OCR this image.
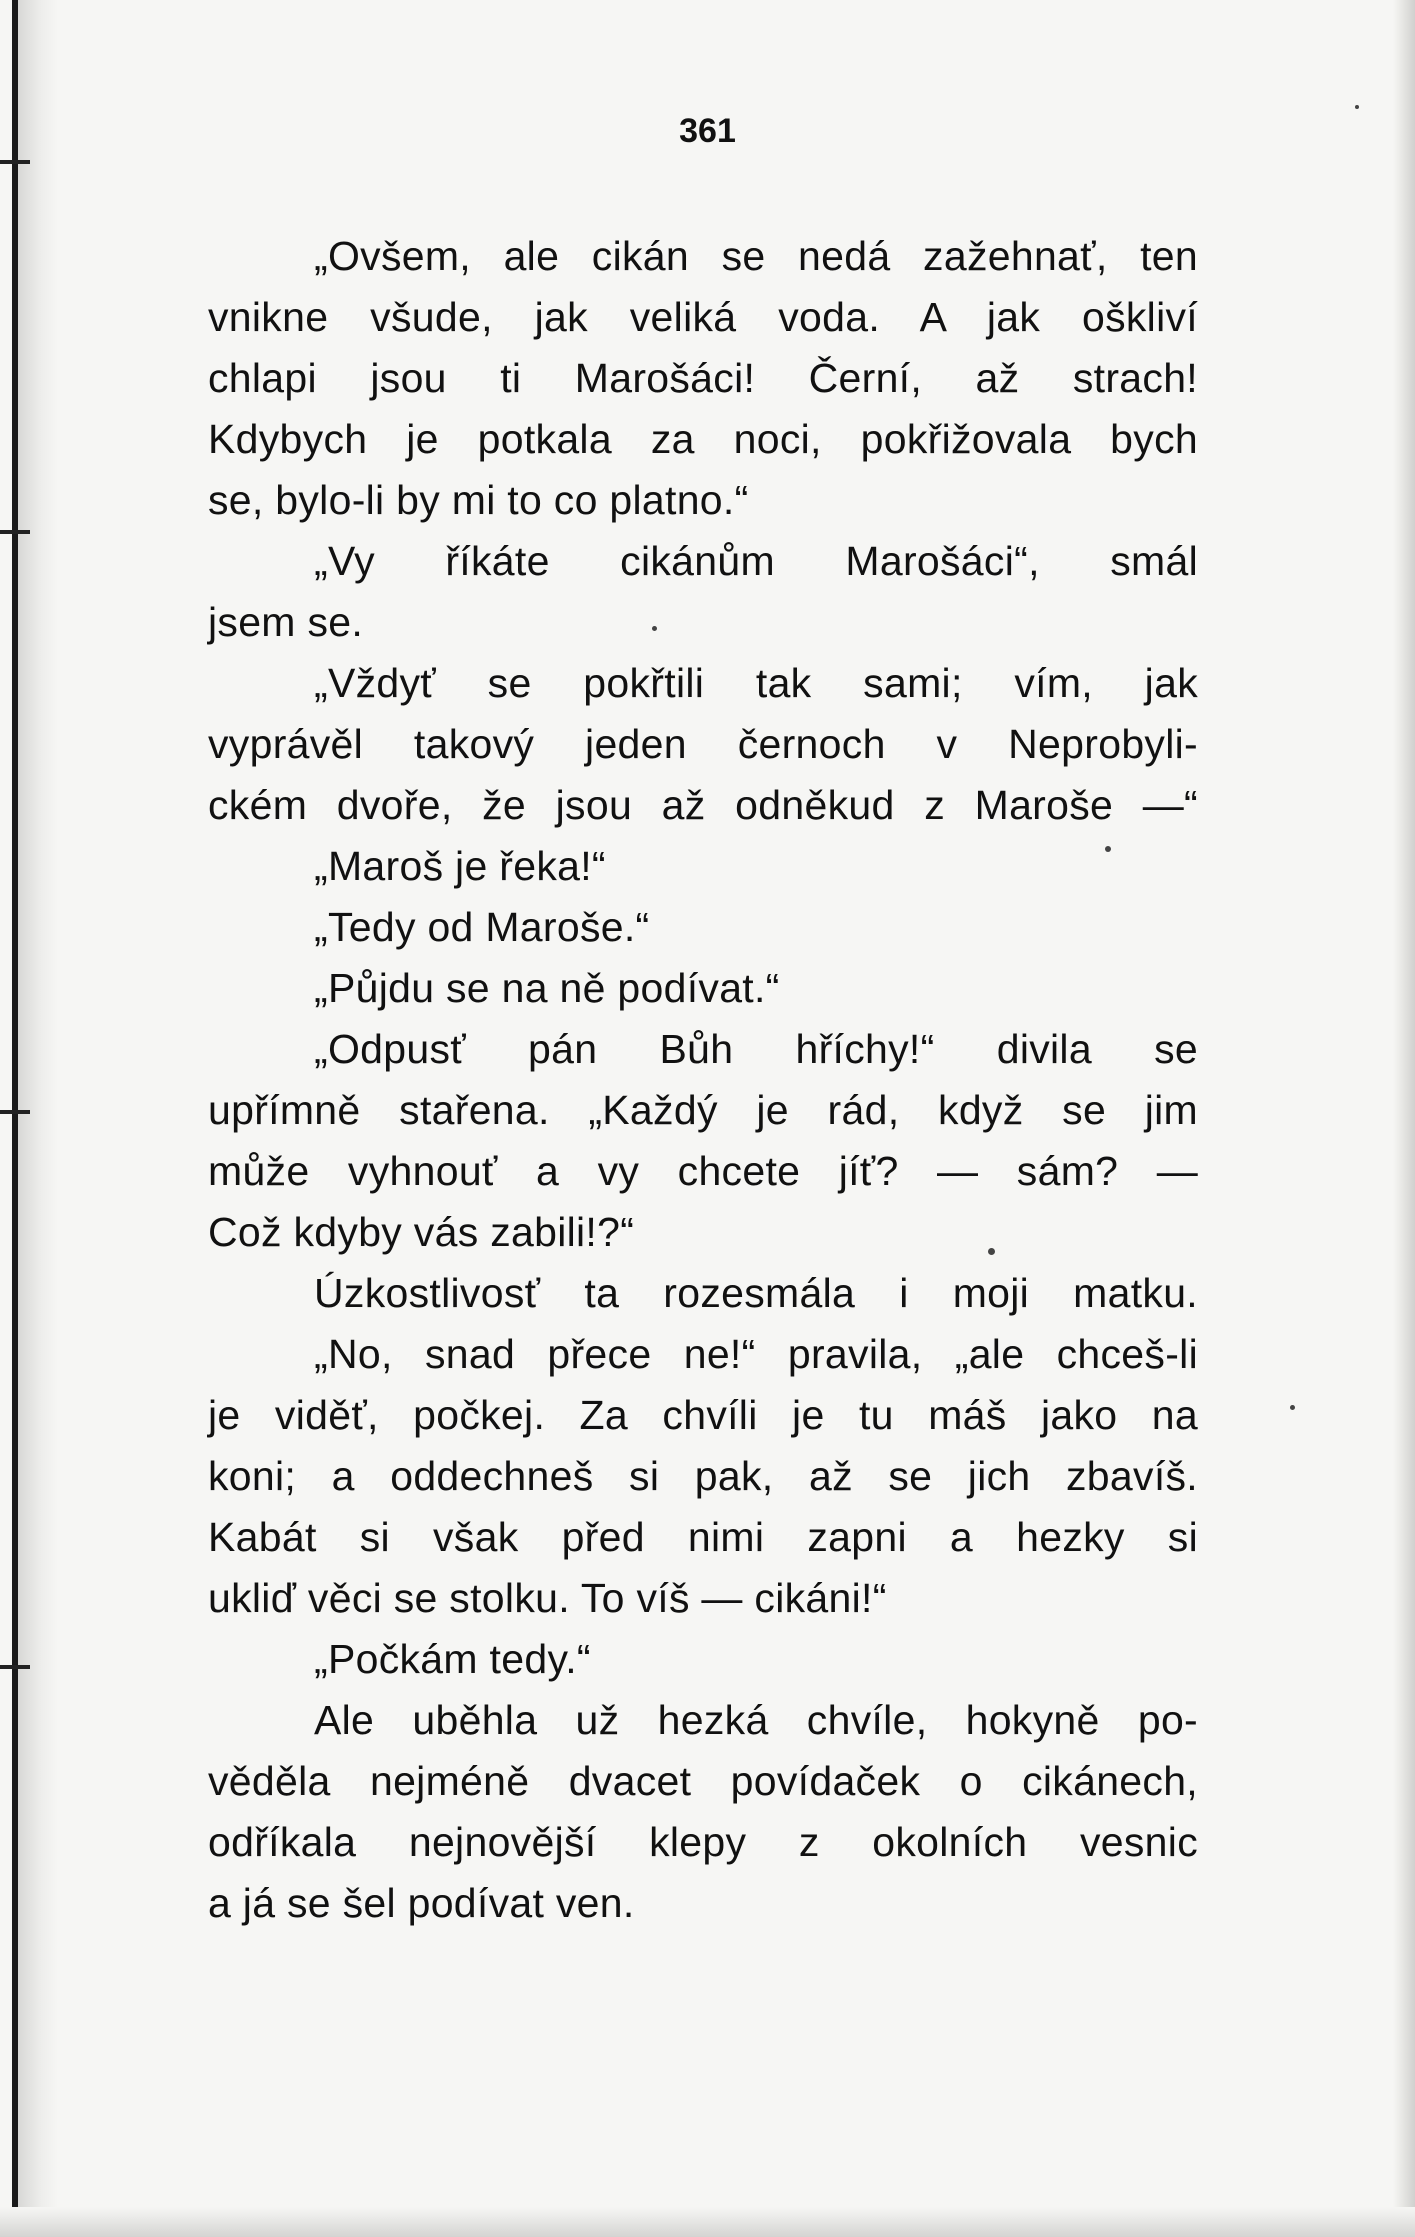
361
„Ovšem, ale cikán se nedá zažehnať, ten
vnikne všude, jak veliká voda. A jak oškliví
chlapi jsou ti Marošáci! Černí, až strach!
Kdybych je potkala za noci, pokřižovala bych
se, bylo-li by mi to co platno.“
„Vy říkáte cikánům Marošáci“, smál
jsem se.
„Vždyť se pokřtili tak sami; vím, jak
vyprávěl takový jeden černoch v Neprobyli-
ckém dvoře, že jsou až odněkud z Maroše —“
„Maroš je řeka!“
„Tedy od Maroše.“
„Půjdu se na ně podívat.“
„Odpusť pán Bůh hříchy!“ divila se
upřímně stařena. „Každý je rád, když se jim
může vyhnouť a vy chcete jíť? — sám? —
Což kdyby vás zabili!?“
Úzkostlivosť ta rozesmála i moji matku.
„No, snad přece ne!“ pravila, „ale chceš-li
je viděť, počkej. Za chvíli je tu máš jako na
koni; a oddechneš si pak, až se jich zbavíš.
Kabát si však před nimi zapni a hezky si
ukliď věci se stolku. To víš — cikáni!“
„Počkám tedy.“
Ale uběhla už hezká chvíle, hokyně po-
věděla nejméně dvacet povídaček o cikánech,
odříkala nejnovější klepy z okolních vesnic
a já se šel podívat ven.
